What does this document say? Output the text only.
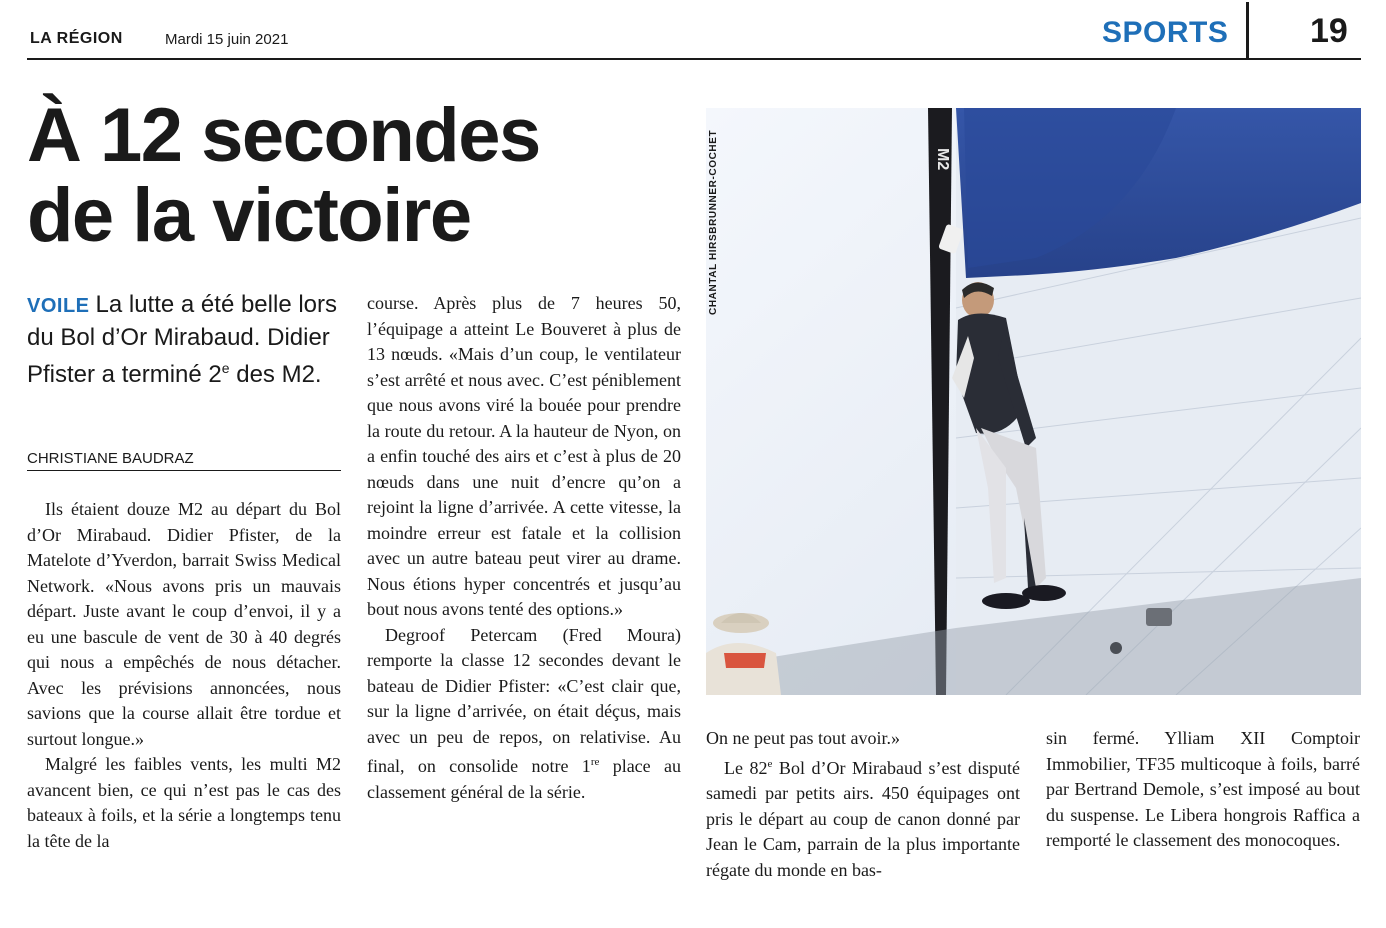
LA RÉGION	Mardi 15 juin 2021	SPORTS 19
À 12 secondes
de la victoire
VOILE La lutte a été belle lors du Bol d’Or Mirabaud. Didier Pfister a terminé 2e des M2.
CHRISTIANE BAUDRAZ

Ils étaient douze M2 au départ du Bol d’Or Mirabaud. Didier Pfister, de la Matelote d’Yverdon, barrait Swiss Medical Network. «Nous avons pris un mauvais départ. Juste avant le coup d’envoi, il y a eu une bascule de vent de 30 à 40 degrés qui nous a empêchés de nous détacher. Avec les prévisions annoncées, nous savions que la course allait être tordue et surtout longue.»

Malgré les faibles vents, les multi M2 avancent bien, ce qui n’est pas le cas des bateaux à foils, et la série a longtemps tenu la tête de la

course. Après plus de 7 heures 50, l’équipage a atteint Le Bouveret à plus de 13 nœuds. «Mais d’un coup, le ventilateur s’est arrêté et nous avec. C’est péniblement que nous avons viré la bouée pour prendre la route du retour. A la hauteur de Nyon, on a enfin touché des airs et c’est à plus de 20 nœuds dans une nuit d’encre qu’on a rejoint la ligne d’arrivée. A cette vitesse, la moindre erreur est fatale et la collision avec un autre bateau peut virer au drame. Nous étions hyper concentrés et jusqu’au bout nous avons tenté des options.»

Degroof Petercam (Fred Moura) remporte la classe 12 secondes devant le bateau de Didier Pfister: «C’est clair que, sur la ligne d’arrivée, on était déçus, mais avec un peu de repos, on relativise. Au final, on consolide notre 1re place au classement général de la série.

M2
CHANTAL HIRSBRUNNER-COCHET

On ne peut pas tout avoir.»

Le 82e Bol d’Or Mirabaud s’est disputé samedi par petits airs. 450 équipages ont pris le départ au coup de canon donné par Jean le Cam, parrain de la plus importante régate du monde en bas-

sin fermé. Ylliam XII Comptoir Immobilier, TF35 multicoque à foils, barré par Bertrand Demole, s’est imposé au bout du suspense. Le Libera hongrois Raffica a remporté le classement des monocoques.
